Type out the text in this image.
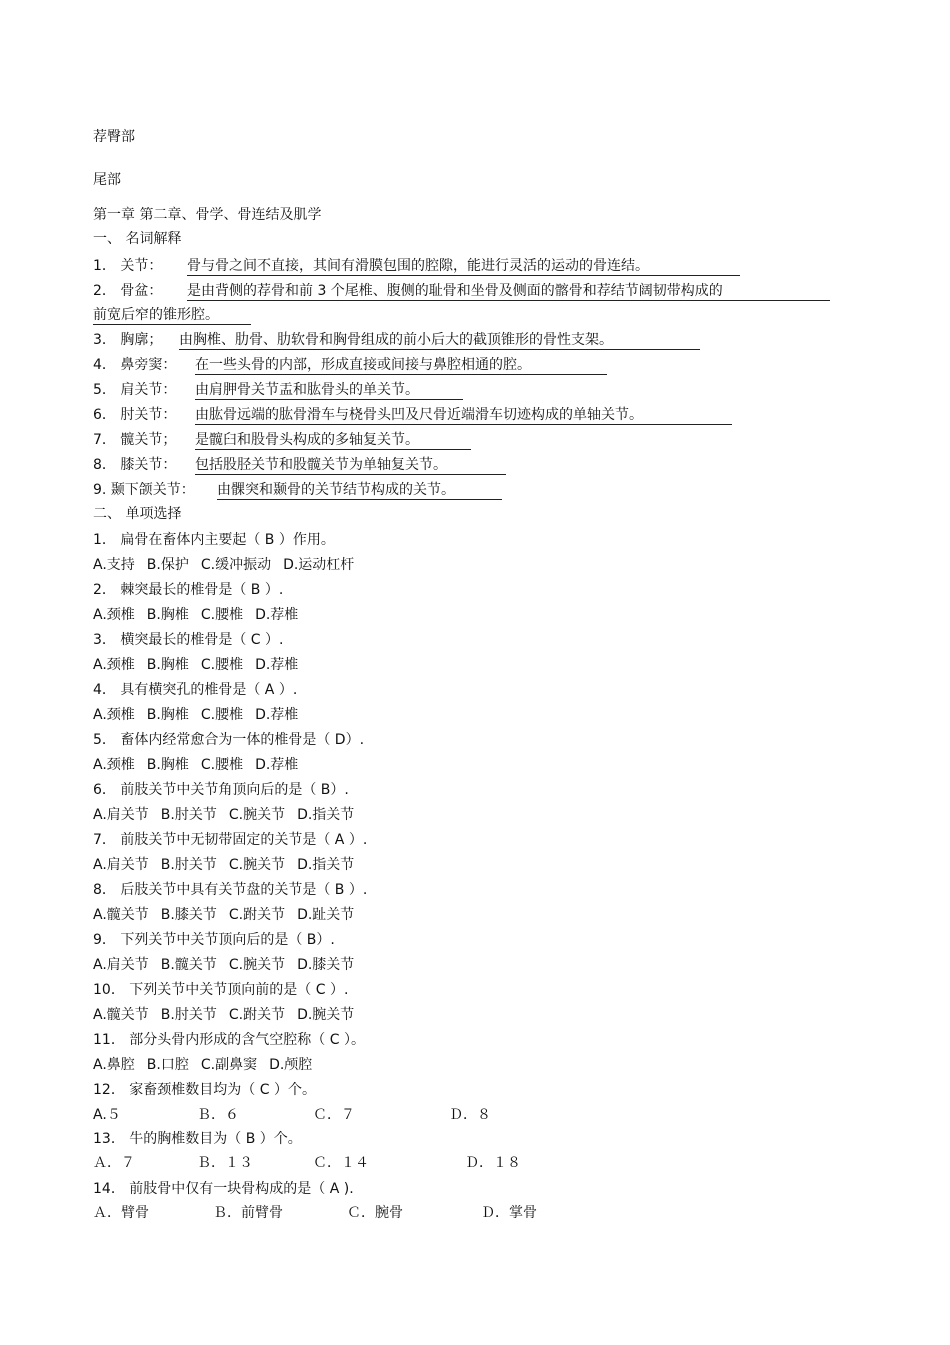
荐臀部
尾部
第一章 第二章、骨学、骨连结及肌学
一、 名词解释
1． 关节： 骨与骨之间不直接，其间有滑膜包围的腔隙，能进行灵活的运动的骨连结。
2． 骨盆： 是由背侧的荐骨和前 3 个尾椎、腹侧的耻骨和坐骨及侧面的髂骨和荐结节阔韧带构成的
前宽后窄的锥形腔。
3． 胸廓； 由胸椎、肋骨、肋软骨和胸骨组成的前小后大的截顶锥形的骨性支架。
4． 鼻旁窦： 在一些头骨的内部，形成直接或间接与鼻腔相通的腔。
5． 肩关节： 由肩胛骨关节盂和肱骨头的单关节。
6． 肘关节： 由肱骨远端的肱骨滑车与桡骨头凹及尺骨近端滑车切迹构成的单轴关节。
7． 髋关节； 是髋臼和股骨头构成的多轴复关节。
8． 膝关节： 包括股胫关节和股髋关节为单轴复关节。
9. 颞下颌关节： 由髁突和颞骨的关节结节构成的关节。
二、 单项选择
1． 扁骨在畜体内主要起（ B ）作用。
A.支持 B.保护 C.缓冲振动 D.运动杠杆
2． 棘突最长的椎骨是（ B ）.
A.颈椎 B.胸椎 C.腰椎 D.荐椎
3． 横突最长的椎骨是（ C ）.
A.颈椎 B.胸椎 C.腰椎 D.荐椎
4． 具有横突孔的椎骨是（ A ）.
A.颈椎 B.胸椎 C.腰椎 D.荐椎
5． 畜体内经常愈合为一体的椎骨是（ D）.
A.颈椎 B.胸椎 C.腰椎 D.荐椎
6． 前肢关节中关节角顶向后的是（ B）.
A.肩关节 B.肘关节 C.腕关节 D.指关节
7． 前肢关节中无韧带固定的关节是（ A ）.
A.肩关节 B.肘关节 C.腕关节 D.指关节
8． 后肢关节中具有关节盘的关节是（ B ）.
A.髋关节 B.膝关节 C.跗关节 D.趾关节
9． 下列关节中关节顶向后的是（ B）.
A.肩关节 B.髋关节 C.腕关节 D.膝关节
10． 下列关节中关节顶向前的是（ C ）.
A.髋关节 B.肘关节 C.跗关节 D.腕关节
11． 部分头骨内形成的含气空腔称（ C ）。
A.鼻腔 B.口腔 C.副鼻窦 D.颅腔
12． 家畜颈椎数目均为（ C ）个。
A.５	Ｂ．６	Ｃ．７	Ｄ．８
13． 牛的胸椎数目为（ B ）个。
Ａ．７	Ｂ．１３	Ｃ．１４	Ｄ．１８
14． 前肢骨中仅有一块骨构成的是（ A ).
Ａ．臂骨	Ｂ．前臂骨	Ｃ．腕骨	Ｄ．掌骨
